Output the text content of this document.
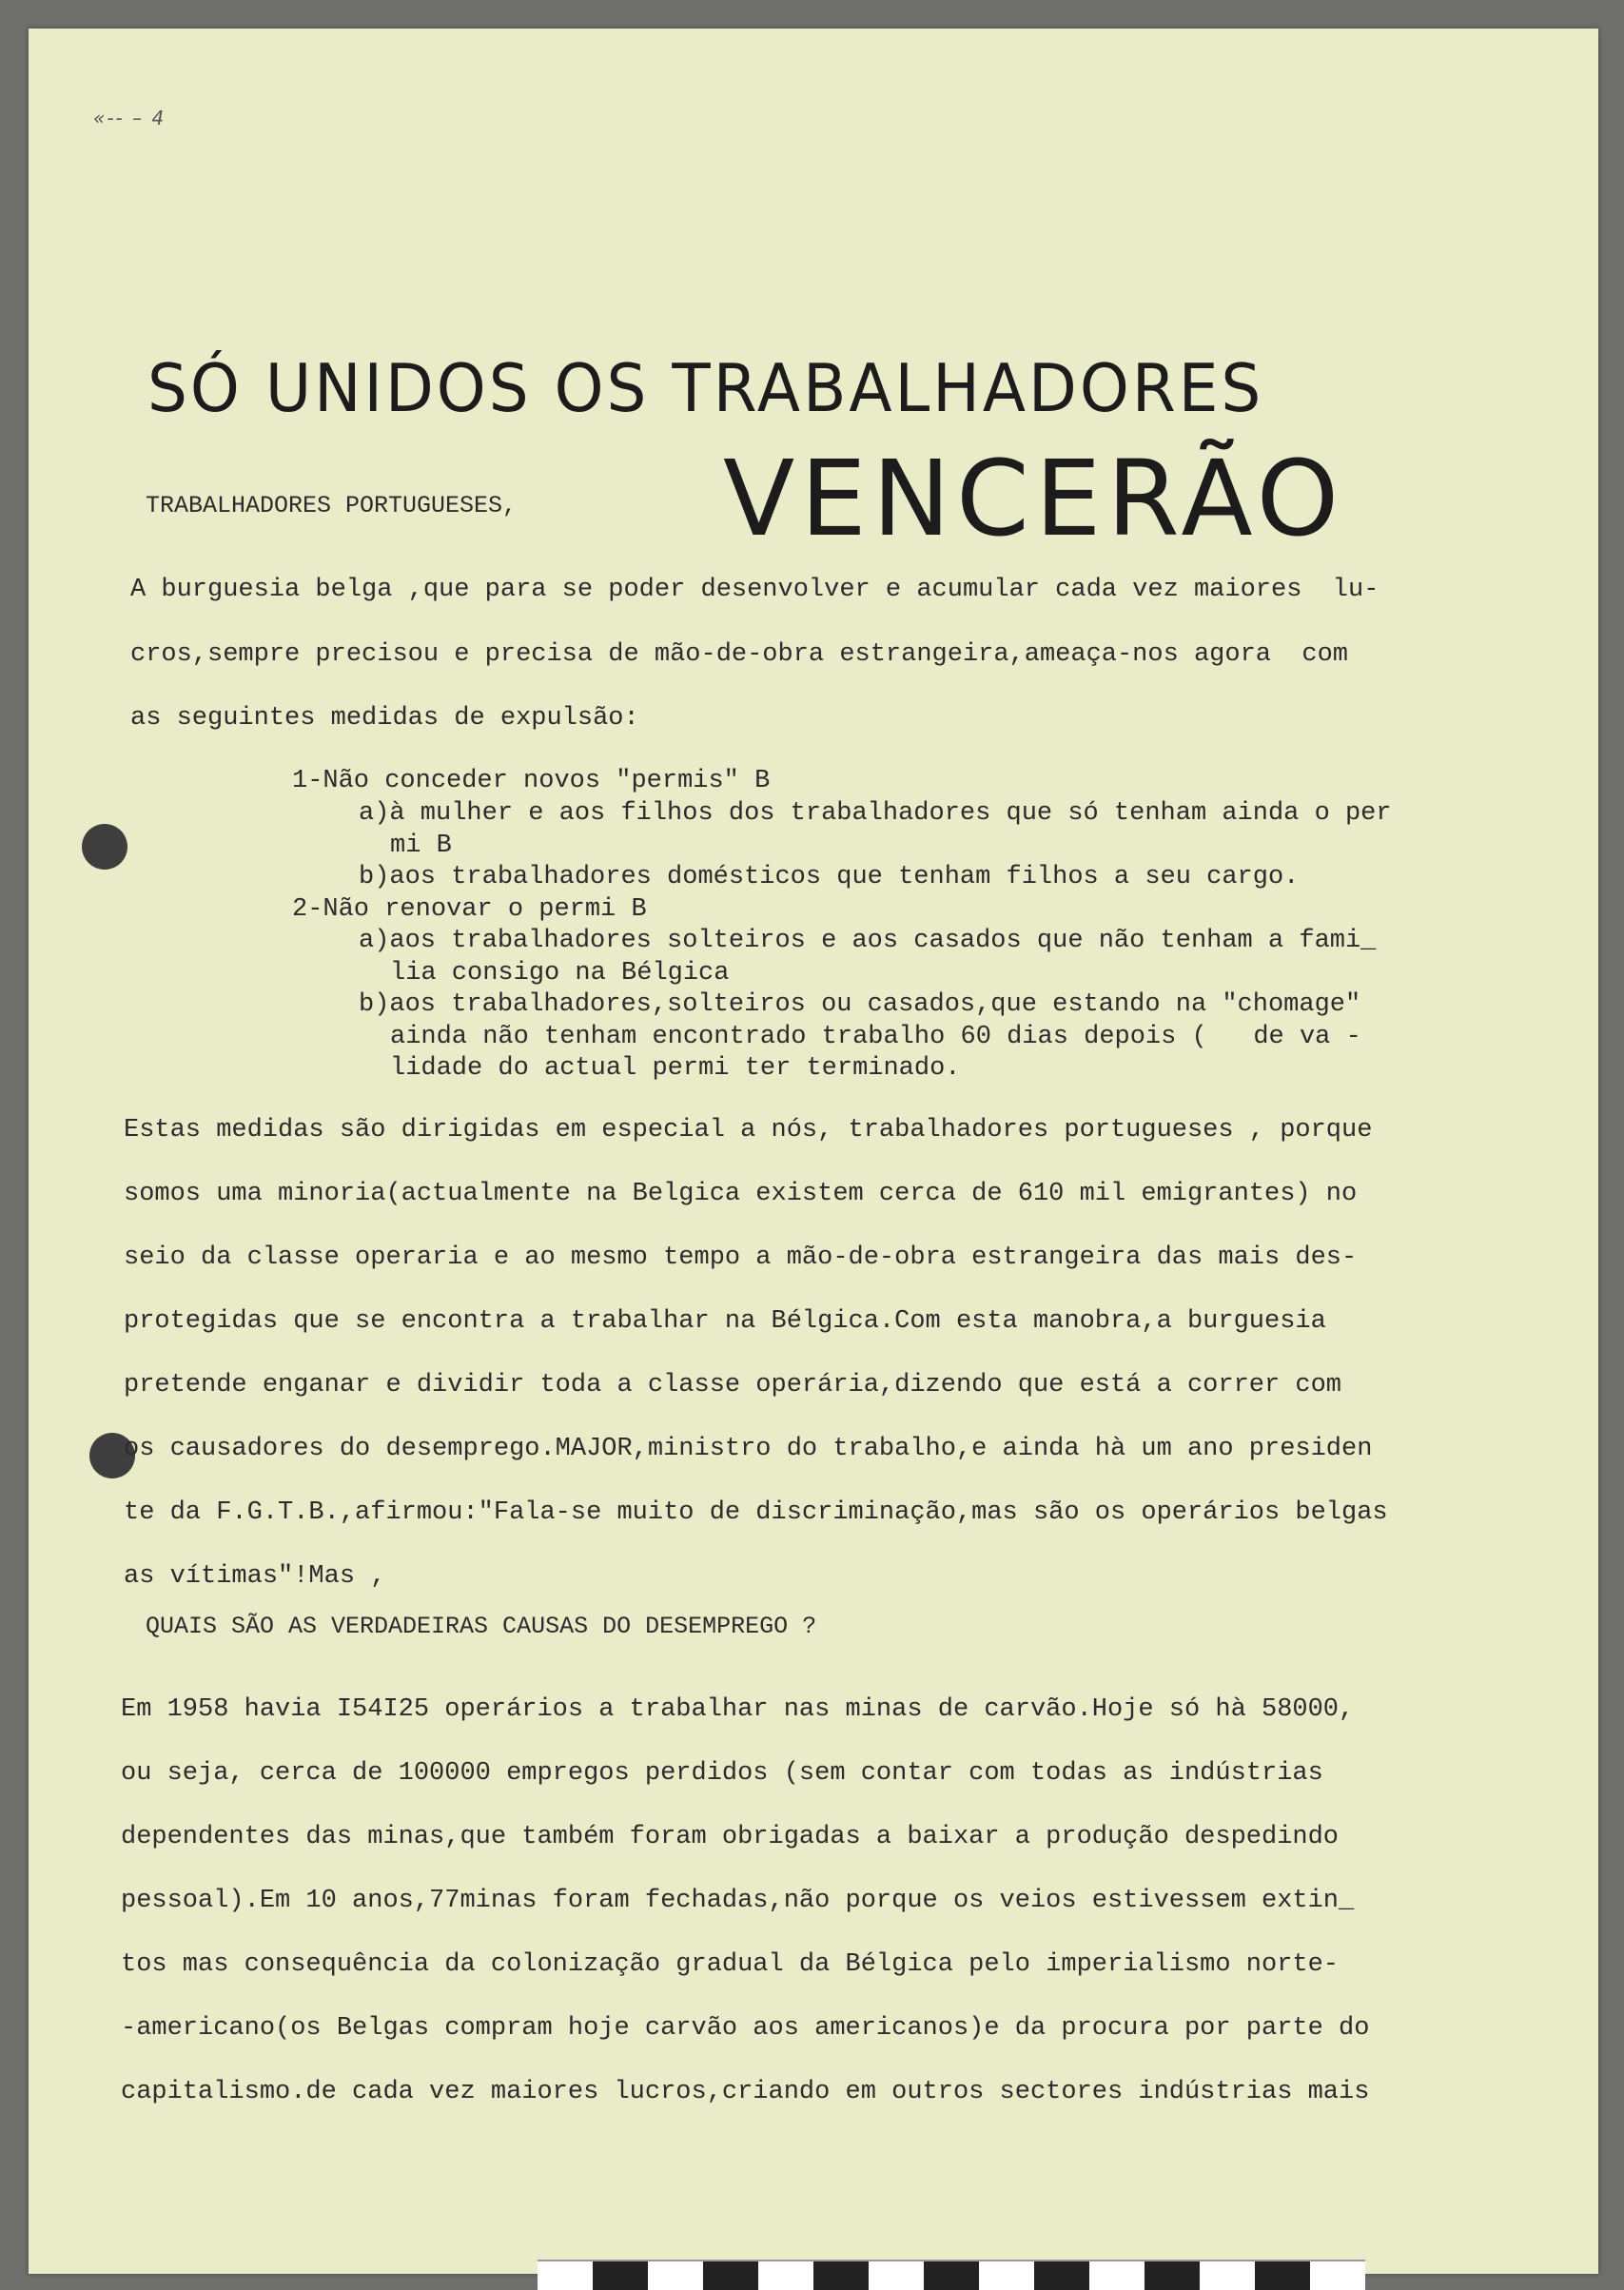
«-- – 4
SÓ UNIDOS OS TRABALHADORES
VENCERÃO
TRABALHADORES PORTUGUESES,
A burguesia belga ,que para se poder desenvolver e acumular cada vez maiores  lu-
cros,sempre precisou e precisa de mão-de-obra estrangeira,ameaça-nos agora  com
as seguintes medidas de expulsão:
1-Não conceder novos "permis" B
a)à mulher e aos filhos dos trabalhadores que só tenham ainda o per
mi B
b)aos trabalhadores domésticos que tenham filhos a seu cargo.
2-Não renovar o permi B
a)aos trabalhadores solteiros e aos casados que não tenham a fami_
lia consigo na Bélgica
b)aos trabalhadores,solteiros ou casados,que estando na "chomage"
ainda não tenham encontrado trabalho 60 dias depois (   de va -
lidade do actual permi ter terminado.
Estas medidas são dirigidas em especial a nós, trabalhadores portugueses , porque
somos uma minoria(actualmente na Belgica existem cerca de 610 mil emigrantes) no
seio da classe operaria e ao mesmo tempo a mão-de-obra estrangeira das mais des-
protegidas que se encontra a trabalhar na Bélgica.Com esta manobra,a burguesia
pretende enganar e dividir toda a classe operária,dizendo que está a correr com
os causadores do desemprego.MAJOR,ministro do trabalho,e ainda hà um ano presiden
te da F.G.T.B.,afirmou:"Fala-se muito de discriminação,mas são os operários belgas
as vítimas"!Mas ,
QUAIS SÃO AS VERDADEIRAS CAUSAS DO DESEMPREGO ?
Em 1958 havia I54I25 operários a trabalhar nas minas de carvão.Hoje só hà 58000,
ou seja, cerca de 100000 empregos perdidos (sem contar com todas as indústrias
dependentes das minas,que também foram obrigadas a baixar a produção despedindo
pessoal).Em 10 anos,77minas foram fechadas,não porque os veios estivessem extin_
tos mas consequência da colonização gradual da Bélgica pelo imperialismo norte-
-americano(os Belgas compram hoje carvão aos americanos)e da procura por parte do
capitalismo.de cada vez maiores lucros,criando em outros sectores indústrias mais
